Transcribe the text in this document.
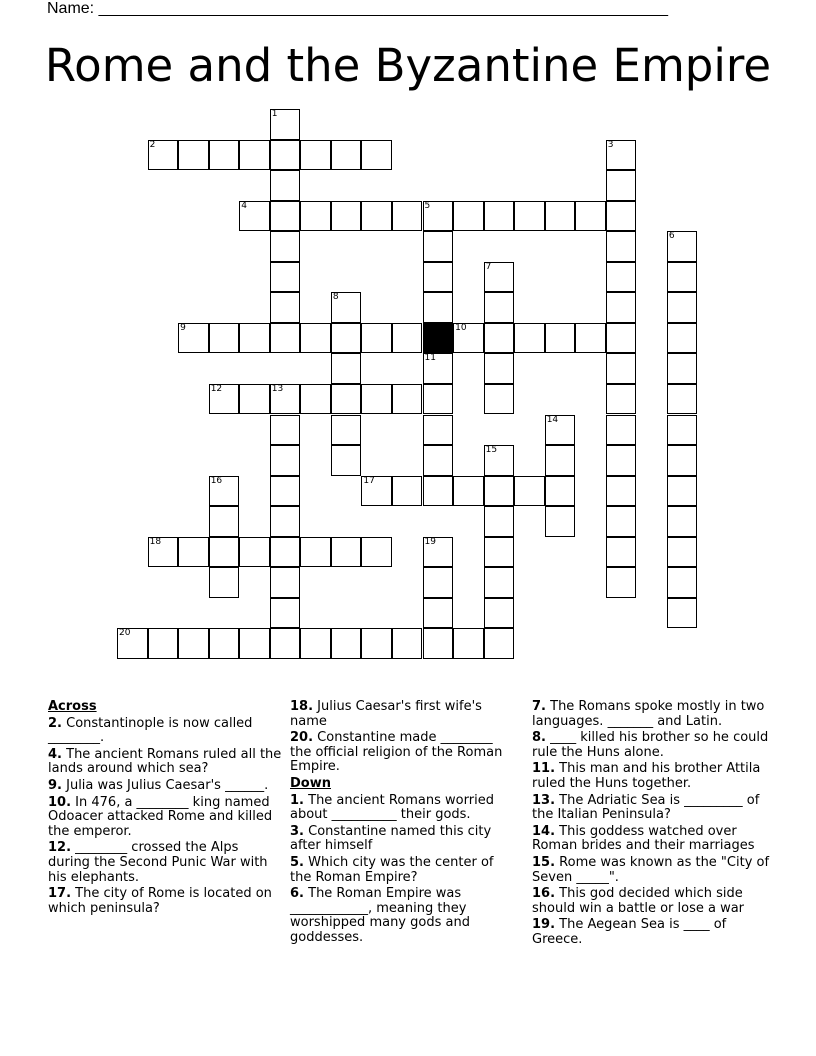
Name: ________________________________________________________________
Rome and the Byzantine Empire
2
4	5
9	10
12	13
17
18
20
1
3
6
7
8
11
14
15
16
19
Across
2. Constantinople is now called ________.
4. The ancient Romans ruled all the lands around which sea?
9. Julia was Julius Caesar's ______.
10. In 476, a ________ king named Odoacer attacked Rome and killed the emperor.
12. ________ crossed the Alps during the Second Punic War with his elephants.
17. The city of Rome is located on which peninsula?
18. Julius Caesar's first wife's name
20. Constantine made ________ the official religion of the Roman Empire.
Down
1. The ancient Romans worried about __________ their gods.
3. Constantine named this city after himself
5. Which city was the center of the Roman Empire?
6. The Roman Empire was ____________, meaning they worshipped many gods and goddesses.
7. The Romans spoke mostly in two languages. _______ and Latin.
8. ____ killed his brother so he could rule the Huns alone.
11. This man and his brother Attila ruled the Huns together.
13. The Adriatic Sea is _________ of the Italian Peninsula?
14. This goddess watched over Roman brides and their marriages
15. Rome was known as the "City of Seven _____".
16. This god decided which side should win a battle or lose a war
19. The Aegean Sea is ____ of Greece.
